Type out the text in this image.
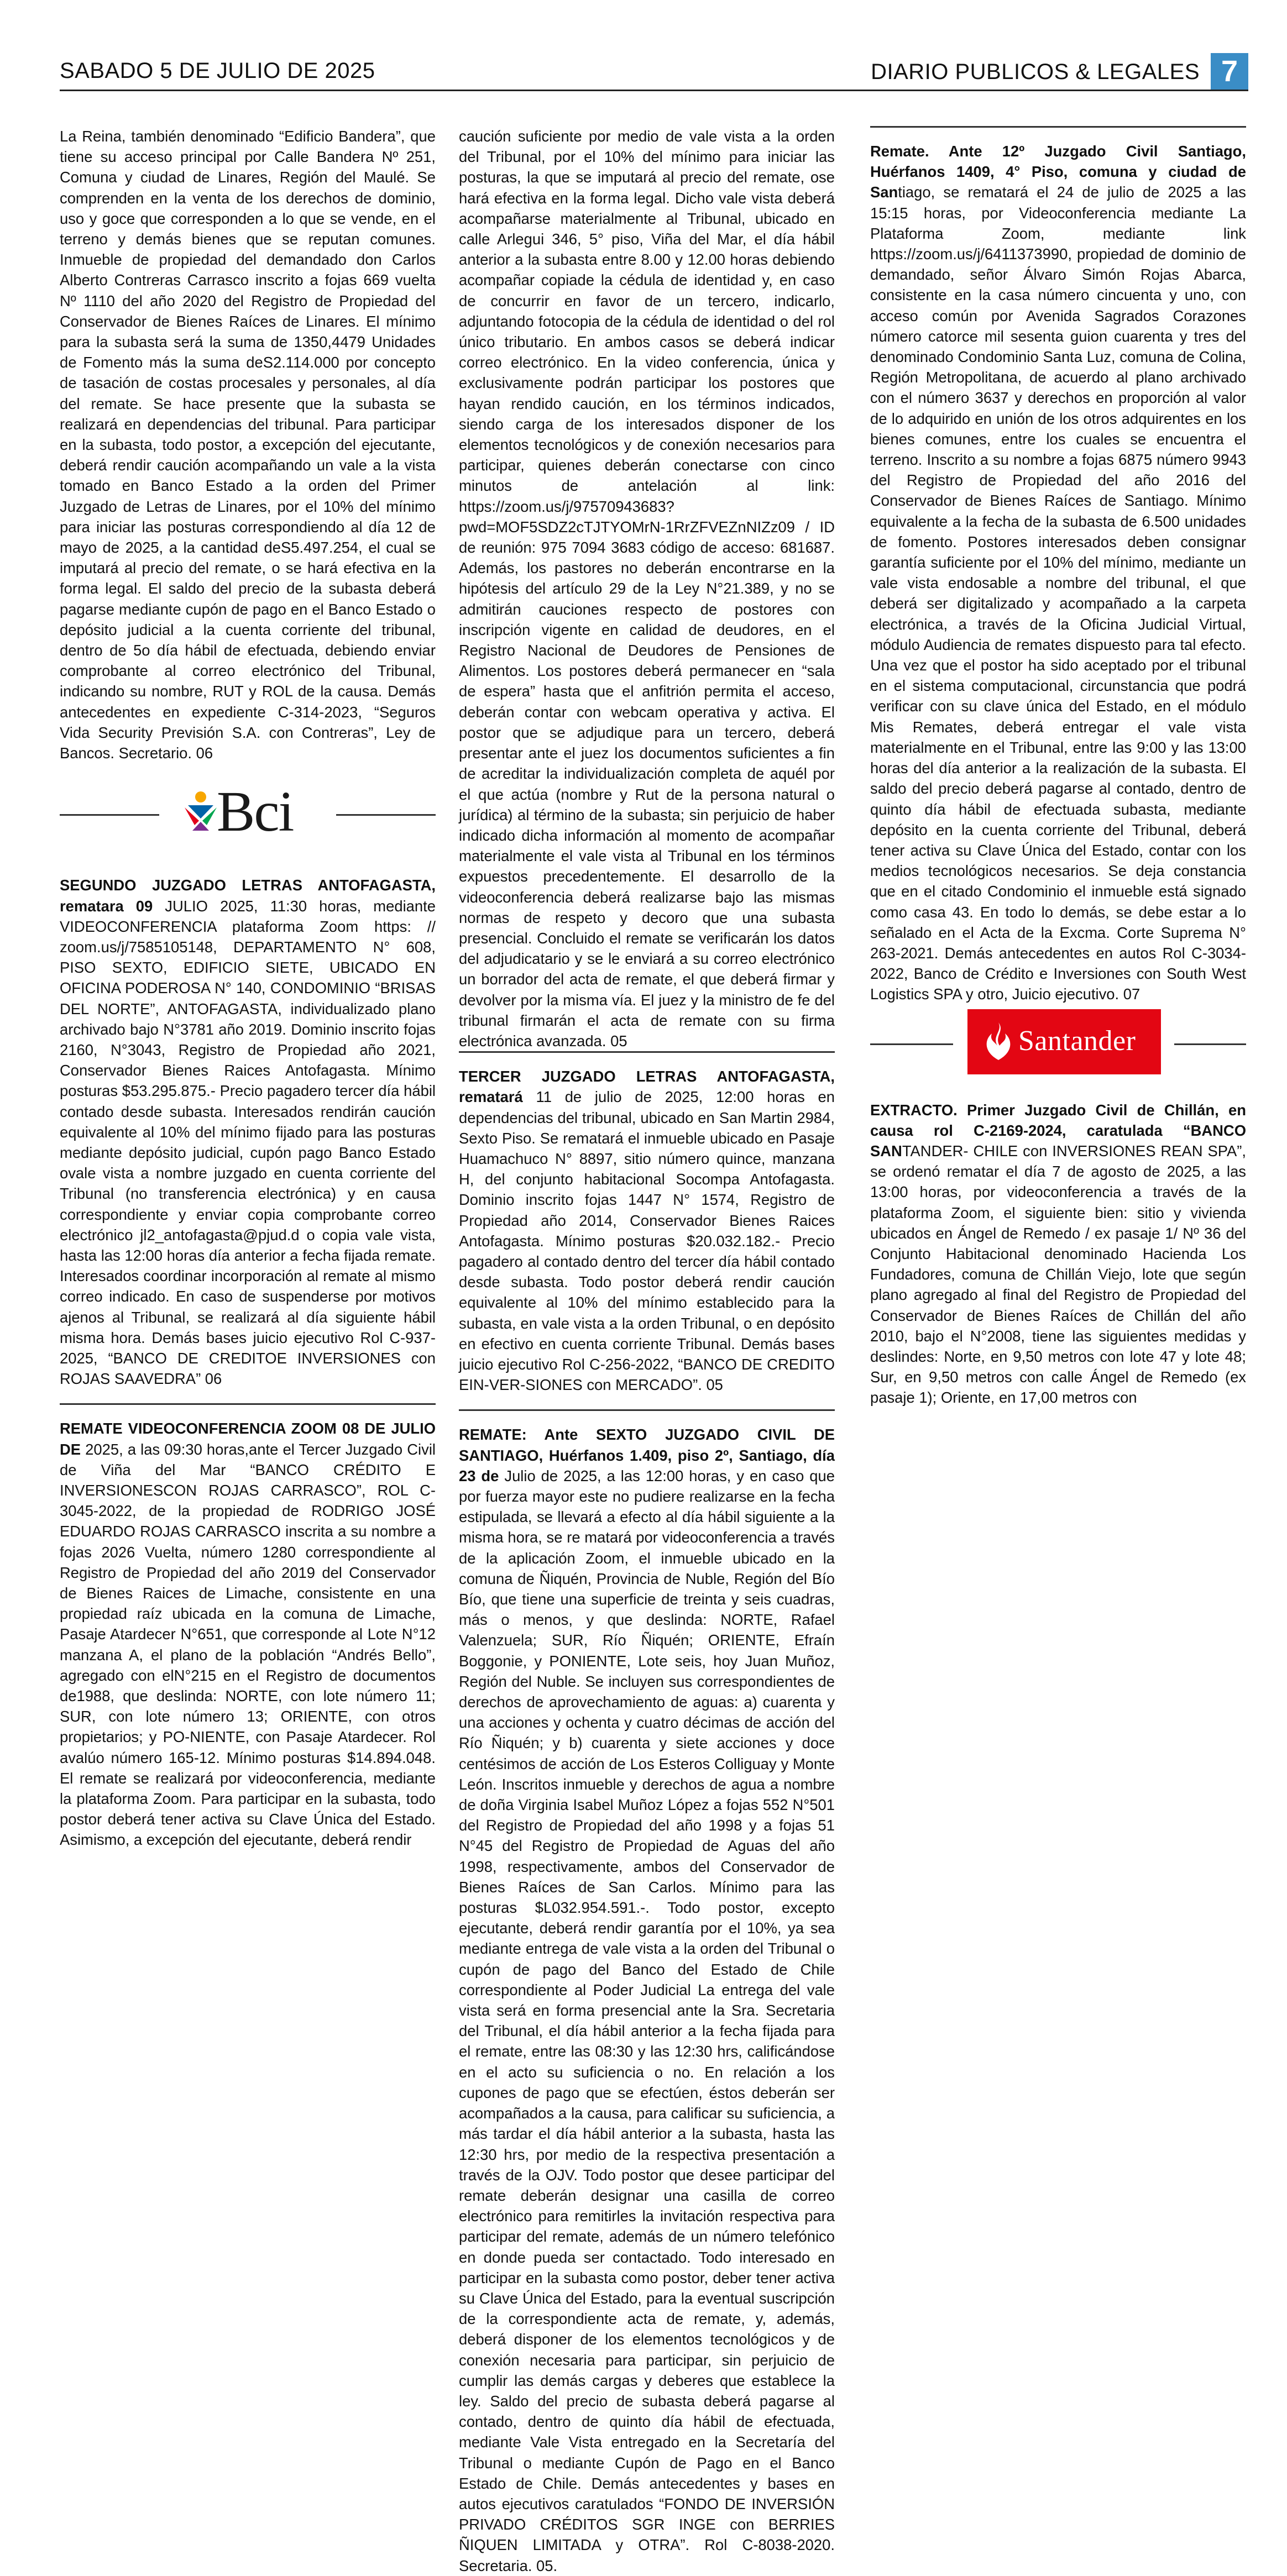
SABADO 5 DE JULIO DE 2025	DIARIO PUBLICOS & LEGALES 7

La Reina, también denominado “Edificio Bandera”, que tiene su acceso principal por Calle Bandera Nº 251, Comuna y ciudad de Linares, Región del Maulé. Se comprenden en la venta de los derechos de dominio, uso y goce que corresponden a lo que se vende, en el terreno y demás bienes que se reputan comunes. Inmueble de propiedad del demandado don Carlos Alberto Contreras Carrasco inscrito a fojas 669 vuelta Nº 1110 del año 2020 del Registro de Propiedad del Conservador de Bienes Raíces de Linares. El mínimo para la subasta será la suma de 1350,4479 Unidades de Fomento más la suma deS2.114.000 por concepto de tasación de costas procesales y personales, al día del remate. Se hace presente que la subasta se realizará en dependencias del tribunal. Para participar en la subasta, todo postor, a excepción del ejecutante, deberá rendir caución acompañando un vale a la vista tomado en Banco Estado a la orden del Primer Juzgado de Letras de Linares, por el 10% del mínimo para iniciar las posturas correspondiendo al día 12 de mayo de 2025, a la cantidad deS5.497.254, el cual se imputará al precio del remate, o se hará efectiva en la forma legal. El saldo del precio de la subasta deberá pagarse mediante cupón de pago en el Banco Estado o depósito judicial a la cuenta corriente del tribunal, dentro de 5o día hábil de efectuada, debiendo enviar comprobante al correo electrónico del Tribunal, indicando su nombre, RUT y ROL de la causa. Demás antecedentes en expediente C-314-2023, “Seguros Vida Security Previsión S.A. con Contreras”, Ley de Bancos. Secretario. 06

Bci

SEGUNDO JUZGADO LETRAS ANTOFAGASTA, rematara 09 JULIO 2025, 11:30 horas, mediante VIDEOCONFERENCIA plataforma Zoom https: // zoom.us/j/7585105148, DEPARTAMENTO N° 608, PISO SEXTO, EDIFICIO SIETE, UBICADO EN OFICINA PODEROSA N° 140, CONDOMINIO “BRISAS DEL NORTE”, ANTOFAGASTA, individualizado plano archivado bajo N°3781 año 2019. Dominio inscrito fojas 2160, N°3043, Registro de Propiedad año 2021, Conservador Bienes Raices Antofagasta. Mínimo posturas $53.295.875.- Precio pagadero tercer día hábil contado desde subasta. Interesados rendirán caución equivalente al 10% del mínimo fijado para las posturas mediante depósito judicial, cupón pago Banco Estado ovale vista a nombre juzgado en cuenta corriente del Tribunal (no transferencia electrónica) y en causa correspondiente y enviar copia comprobante correo electrónico jl2_antofagasta@pjud.d o copia vale vista, hasta las 12:00 horas día anterior a fecha fijada remate. Interesados coordinar incorporación al remate al mismo correo indicado. En caso de suspenderse por motivos ajenos al Tribunal, se realizará al día siguiente hábil misma hora. Demás bases juicio ejecutivo Rol C-937-2025, “BANCO DE CREDITOE INVERSIONES con ROJAS SAAVEDRA” 06

REMATE VIDEOCONFERENCIA ZOOM 08 DE JULIO DE 2025, a las 09:30 horas,ante el Tercer Juzgado Civil de Viña del Mar “BANCO CRÉDITO E INVERSIONESCON ROJAS CARRASCO”, ROL C-3045-2022, de la propiedad de RODRIGO JOSÉ EDUARDO ROJAS CARRASCO inscrita a su nombre a fojas 2026 Vuelta, número 1280 correspondiente al Registro de Propiedad del año 2019 del Conservador de Bienes Raices de Limache, consistente en una propiedad raíz ubicada en la comuna de Limache, Pasaje Atardecer N°651, que corresponde al Lote N°12 manzana A, el plano de la población “Andrés Bello”, agregado con elN°215 en el Registro de documentos de1988, que deslinda: NORTE, con lote número 11; SUR, con lote número 13; ORIENTE, con otros propietarios; y PO-NIENTE, con Pasaje Atardecer. Rol avalúo número 165-12. Mínimo posturas $14.894.048. El remate se realizará por videoconferencia, mediante la plataforma Zoom. Para participar en la subasta, todo postor deberá tener activa su Clave Única del Estado. Asimismo, a excepción del ejecutante, deberá rendir

caución suficiente por medio de vale vista a la orden del Tribunal, por el 10% del mínimo para iniciar las posturas, la que se imputará al precio del remate, ose hará efectiva en la forma legal. Dicho vale vista deberá acompañarse materialmente al Tribunal, ubicado en calle Arlegui 346, 5° piso, Viña del Mar, el día hábil anterior a la subasta entre 8.00 y 12.00 horas debiendo acompañar copiade la cédula de identidad y, en caso de concurrir en favor de un tercero, indicarlo, adjuntando fotocopia de la cédula de identidad o del rol único tributario. En ambos casos se deberá indicar correo electrónico. En la video conferencia, única y exclusivamente podrán participar los postores que hayan rendido caución, en los términos indicados, siendo carga de los interesados disponer de los elementos tecnológicos y de conexión necesarios para participar, quienes deberán conectarse con cinco minutos de antelación al link: https://zoom.us/j/97570943683?pwd=MOF5SDZ2cTJTYOMrN-1RrZFVEZnNIZz09 / ID de reunión: 975 7094 3683 código de acceso: 681687. Además, los pastores no deberán encontrarse en la hipótesis del artículo 29 de la Ley N°21.389, y no se admitirán cauciones respecto de postores con inscripción vigente en calidad de deudores, en el Registro Nacional de Deudores de Pensiones de Alimentos. Los postores deberá permanecer en “sala de espera” hasta que el anfitrión permita el acceso, deberán contar con webcam operativa y activa. El postor que se adjudique para un tercero, deberá presentar ante el juez los documentos suficientes a fin de acreditar la individualización completa de aquél por el que actúa (nombre y Rut de la persona natural o jurídica) al término de la subasta; sin perjuicio de haber indicado dicha información al momento de acompañar materialmente el vale vista al Tribunal en los términos expuestos precedentemente. El desarrollo de la videoconferencia deberá realizarse bajo las mismas normas de respeto y decoro que una subasta presencial. Concluido el remate se verificarán los datos del adjudicatario y se le enviará a su correo electrónico un borrador del acta de remate, el que deberá firmar y devolver por la misma vía. El juez y la ministro de fe del tribunal firmarán el acta de remate con su firma electrónica avanzada. 05

TERCER JUZGADO LETRAS ANTOFAGASTA, rematará 11 de julio de 2025, 12:00 horas en dependencias del tribunal, ubicado en San Martin 2984, Sexto Piso. Se rematará el inmueble ubicado en Pasaje Huamachuco N° 8897, sitio número quince, manzana H, del conjunto habitacional Socompa Antofagasta. Dominio inscrito fojas 1447 N° 1574, Registro de Propiedad año 2014, Conservador Bienes Raices Antofagasta. Mínimo posturas $20.032.182.- Precio pagadero al contado dentro del tercer día hábil contado desde subasta. Todo postor deberá rendir caución equivalente al 10% del mínimo establecido para la subasta, en vale vista a la orden Tribunal, o en depósito en efectivo en cuenta corriente Tribunal. Demás bases juicio ejecutivo Rol C-256-2022, “BANCO DE CREDITO EIN-VER-SIONES con MERCADO”. 05

REMATE: Ante SEXTO JUZGADO CIVIL DE SANTIAGO, Huérfanos 1.409, piso 2º, Santiago, día 23 de Julio de 2025, a las 12:00 horas, y en caso que por fuerza mayor este no pudiere realizarse en la fecha estipulada, se llevará a efecto al día hábil siguiente a la misma hora, se re matará por videoconferencia a través de la aplicación Zoom, el inmueble ubicado en la comuna de Ñiquén, Provincia de Nuble, Región del Bío Bío, que tiene una superficie de treinta y seis cuadras, más o menos, y que deslinda: NORTE, Rafael Valenzuela; SUR, Río Ñiquén; ORIENTE, Efraín Boggonie, y PONIENTE, Lote seis, hoy Juan Muñoz, Región del Nuble. Se incluyen sus correspondientes de derechos de aprovechamiento de aguas: a) cuarenta y una acciones y ochenta y cuatro décimas de acción del Río Ñiquén; y b) cuarenta y siete acciones y doce centésimos de acción de Los Esteros Colliguay y Monte León. Inscritos inmueble y derechos de agua a nombre de doña Virginia Isabel Muñoz López a fojas 552 N°501 del Registro de Propiedad del año 1998 y a fojas 51 N°45 del Registro de Propiedad de Aguas del año 1998, respectivamente, ambos del Conservador de Bienes Raíces de San Carlos. Mínimo para las posturas $L032.954.591.-. Todo postor, excepto ejecutante, deberá rendir garantía por el 10%, ya sea mediante entrega de vale vista a la orden del Tribunal o cupón de pago del Banco del Estado de Chile correspondiente al Poder Judicial La entrega del vale vista será en forma presencial ante la Sra. Secretaria del Tribunal, el día hábil anterior a la fecha fijada para el remate, entre las 08:30 y las 12:30 hrs, calificándose en el acto su suficiencia o no. En relación a los cupones de pago que se efectúen, éstos deberán ser acompañados a la causa, para calificar su suficiencia, a más tardar el día hábil anterior a la subasta, hasta las 12:30 hrs, por medio de la respectiva presentación a través de la OJV. Todo postor que desee participar del remate deberán designar una casilla de correo electrónico para remitirles la invitación respectiva para participar del remate, además de un número telefónico en donde pueda ser contactado. Todo interesado en participar en la subasta como postor, deber tener activa su Clave Única del Estado, para la eventual suscripción de la correspondiente acta de remate, y, además, deberá disponer de los elementos tecnológicos y de conexión necesaria para participar, sin perjuicio de cumplir las demás cargas y deberes que establece la ley. Saldo del precio de subasta deberá pagarse al contado, dentro de quinto día hábil de efectuada, mediante Vale Vista entregado en la Secretaría del Tribunal o mediante Cupón de Pago en el Banco Estado de Chile. Demás antecedentes y bases en autos ejecutivos caratulados “FONDO DE INVERSIÓN PRIVADO CRÉDITOS SGR INGE con BERRIES ÑIQUEN LIMITADA y OTRA”. Rol C-8038-2020. Secretaria. 05.

Remate. Ante 12º Juzgado Civil Santiago, Huérfanos 1409, 4° Piso, comuna y ciudad de Santiago, se rematará el 24 de julio de 2025 a las 15:15 horas, por Videoconferencia mediante La Plataforma Zoom, mediante link https://zoom.us/j/6411373990, propiedad de dominio de demandado, señor Álvaro Simón Rojas Abarca, consistente en la casa número cincuenta y uno, con acceso común por Avenida Sagrados Corazones número catorce mil sesenta guion cuarenta y tres del denominado Condominio Santa Luz, comuna de Colina, Región Metropolitana, de acuerdo al plano archivado con el número 3637 y derechos en proporción al valor de lo adquirido en unión de los otros adquirentes en los bienes comunes, entre los cuales se encuentra el terreno. Inscrito a su nombre a fojas 6875 número 9943 del Registro de Propiedad del año 2016 del Conservador de Bienes Raíces de Santiago. Mínimo equivalente a la fecha de la subasta de 6.500 unidades de fomento. Postores interesados deben consignar garantía suficiente por el 10% del mínimo, mediante un vale vista endosable a nombre del tribunal, el que deberá ser digitalizado y acompañado a la carpeta electrónica, a través de la Oficina Judicial Virtual, módulo Audiencia de remates dispuesto para tal efecto. Una vez que el postor ha sido aceptado por el tribunal en el sistema computacional, circunstancia que podrá verificar con su clave única del Estado, en el módulo Mis Remates, deberá entregar el vale vista materialmente en el Tribunal, entre las 9:00 y las 13:00 horas del día anterior a la realización de la subasta. El saldo del precio deberá pagarse al contado, dentro de quinto día hábil de efectuada subasta, mediante depósito en la cuenta corriente del Tribunal, deberá tener activa su Clave Única del Estado, contar con los medios tecnológicos necesarios. Se deja constancia que en el citado Condominio el inmueble está signado como casa 43. En todo lo demás, se debe estar a lo señalado en el Acta de la Excma. Corte Suprema N° 263-2021. Demás antecedentes en autos Rol C-3034-2022, Banco de Crédito e Inversiones con South West Logistics SPA y otro, Juicio ejecutivo. 07

Santander

EXTRACTO. Primer Juzgado Civil de Chillán, en causa rol C-2169-2024, caratulada “BANCO SANTANDER- CHILE con INVERSIONES REAN SPA”, se ordenó rematar el día 7 de agosto de 2025, a las 13:00 horas, por videoconferencia a través de la plataforma Zoom, el siguiente bien: sitio y vivienda ubicados en Ángel de Remedo / ex pasaje 1/ Nº 36 del Conjunto Habitacional denominado Hacienda Los Fundadores, comuna de Chillán Viejo, lote que según plano agregado al final del Registro de Propiedad del Conservador de Bienes Raíces de Chillán del año 2010, bajo el N°2008, tiene las siguientes medidas y deslindes: Norte, en 9,50 metros con lote 47 y lote 48; Sur, en 9,50 metros con calle Ángel de Remedo (ex pasaje 1); Oriente, en 17,00 metros con
